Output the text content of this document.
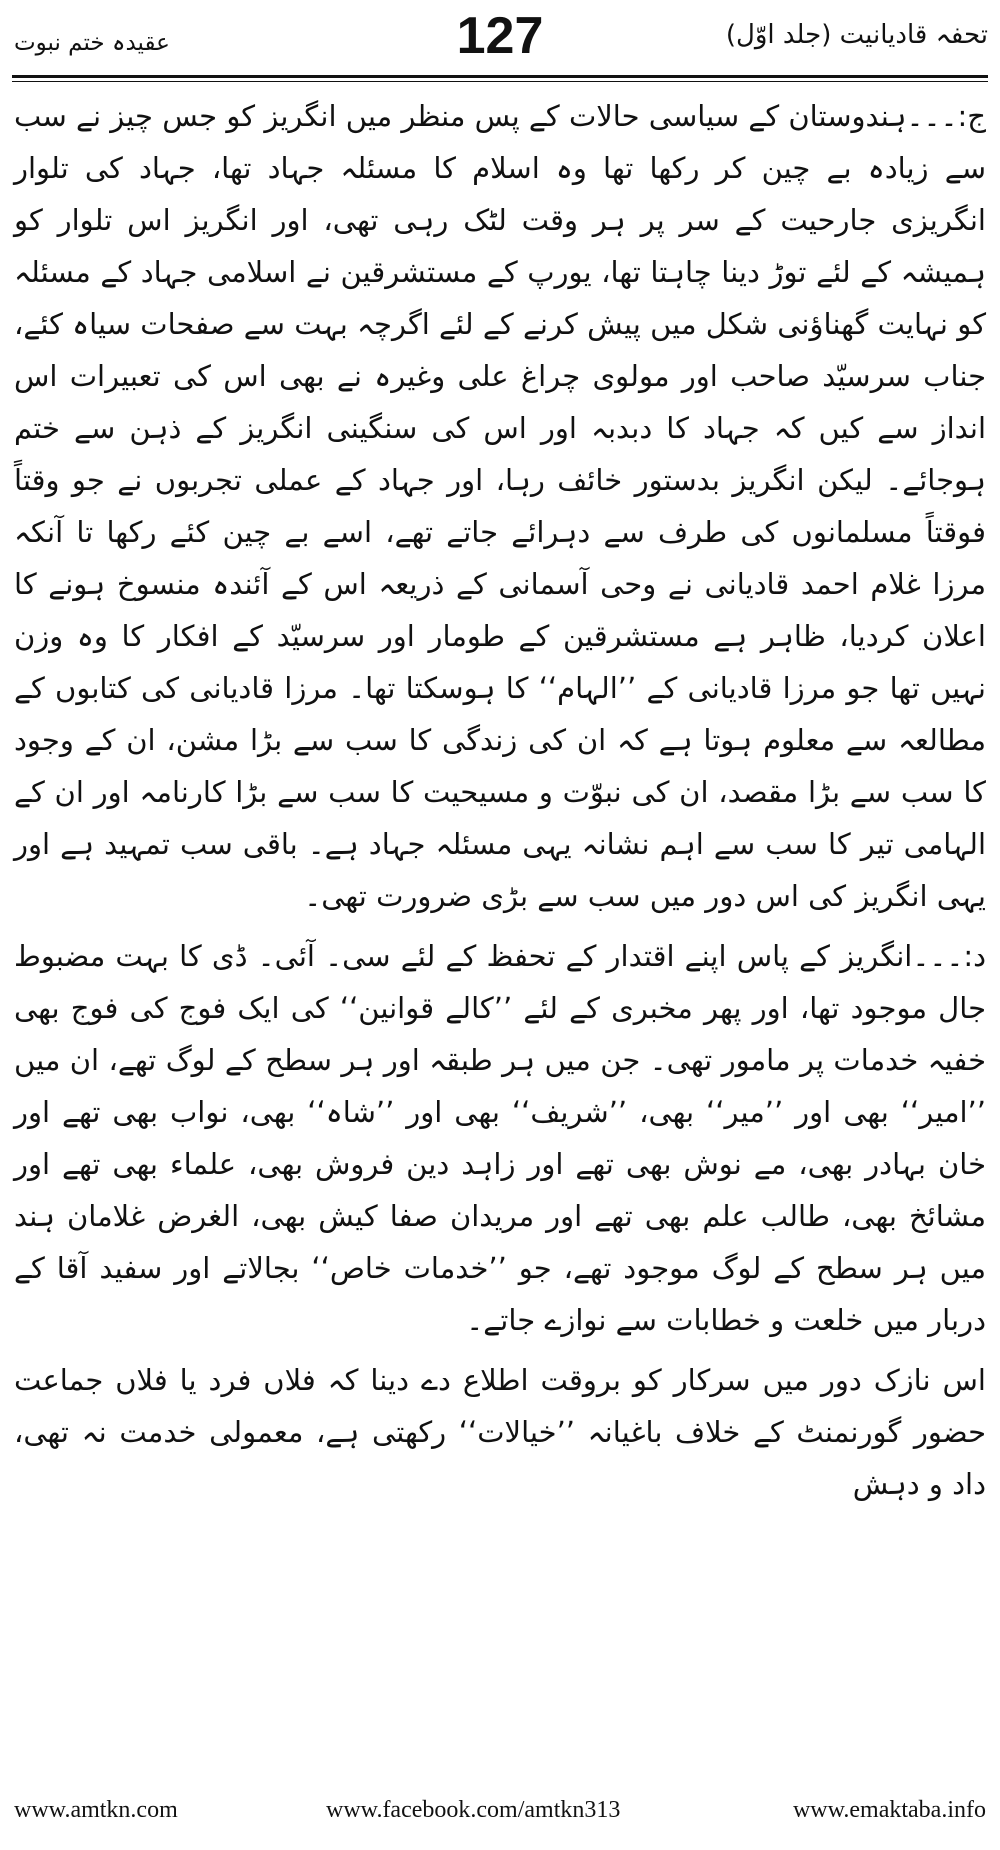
تحفہ قادیانیت (جلد اوّل)
127
عقیدہ ختم نبوت

ج:۔۔۔ہندوستان کے سیاسی حالات کے پس منظر میں انگریز کو جس چیز نے سب سے زیادہ بے چین کر رکھا تھا وہ اسلام کا مسئلہ جہاد تھا، جہاد کی تلوار انگریزی جارحیت کے سر پر ہر وقت لٹک رہی تھی، اور انگریز اس تلوار کو ہمیشہ کے لئے توڑ دینا چاہتا تھا، یورپ کے مستشرقین نے اسلامی جہاد کے مسئلہ کو نہایت گھناؤنی شکل میں پیش کرنے کے لئے اگرچہ بہت سے صفحات سیاہ کئے، جناب سرسیّد صاحب اور مولوی چراغ علی وغیرہ نے بھی اس کی تعبیرات اس انداز سے کیں کہ جہاد کا دبدبہ اور اس کی سنگینی انگریز کے ذہن سے ختم ہوجائے۔ لیکن انگریز بدستور خائف رہا، اور جہاد کے عملی تجربوں نے جو وقتاً فوقتاً مسلمانوں کی طرف سے دہرائے جاتے تھے، اسے بے چین کئے رکھا تا آنکہ مرزا غلام احمد قادیانی نے وحی آسمانی کے ذریعہ اس کے آئندہ منسوخ ہونے کا اعلان کردیا، ظاہر ہے مستشرقین کے طومار اور سرسیّد کے افکار کا وہ وزن نہیں تھا جو مرزا قادیانی کے ’’الہام‘‘ کا ہوسکتا تھا۔ مرزا قادیانی کی کتابوں کے مطالعہ سے معلوم ہوتا ہے کہ ان کی زندگی کا سب سے بڑا مشن، ان کے وجود کا سب سے بڑا مقصد، ان کی نبوّت و مسیحیت کا سب سے بڑا کارنامہ اور ان کے الہامی تیر کا سب سے اہم نشانہ یہی مسئلہ جہاد ہے۔ باقی سب تمہید ہے اور یہی انگریز کی اس دور میں سب سے بڑی ضرورت تھی۔

د:۔۔۔انگریز کے پاس اپنے اقتدار کے تحفظ کے لئے سی۔ آئی۔ ڈی کا بہت مضبوط جال موجود تھا، اور پھر مخبری کے لئے ’’کالے قوانین‘‘ کی ایک فوج کی فوج بھی خفیہ خدمات پر مامور تھی۔ جن میں ہر طبقہ اور ہر سطح کے لوگ تھے، ان میں ’’امیر‘‘ بھی اور ’’میر‘‘ بھی، ’’شریف‘‘ بھی اور ’’شاہ‘‘ بھی، نواب بھی تھے اور خان بہادر بھی، مے نوش بھی تھے اور زاہد دین فروش بھی، علماء بھی تھے اور مشائخ بھی، طالب علم بھی تھے اور مریدان صفا کیش بھی، الغرض غلامان ہند میں ہر سطح کے لوگ موجود تھے، جو ’’خدمات خاص‘‘ بجالاتے اور سفید آقا کے دربار میں خلعت و خطابات سے نوازے جاتے۔

اس نازک دور میں سرکار کو بروقت اطلاع دے دینا کہ فلاں فرد یا فلاں جماعت حضور گورنمنٹ کے خلاف باغیانہ ’’خیالات‘‘ رکھتی ہے، معمولی خدمت نہ تھی، داد و دہش

www.amtkn.com	www.facebook.com/amtkn313	www.emaktaba.info
